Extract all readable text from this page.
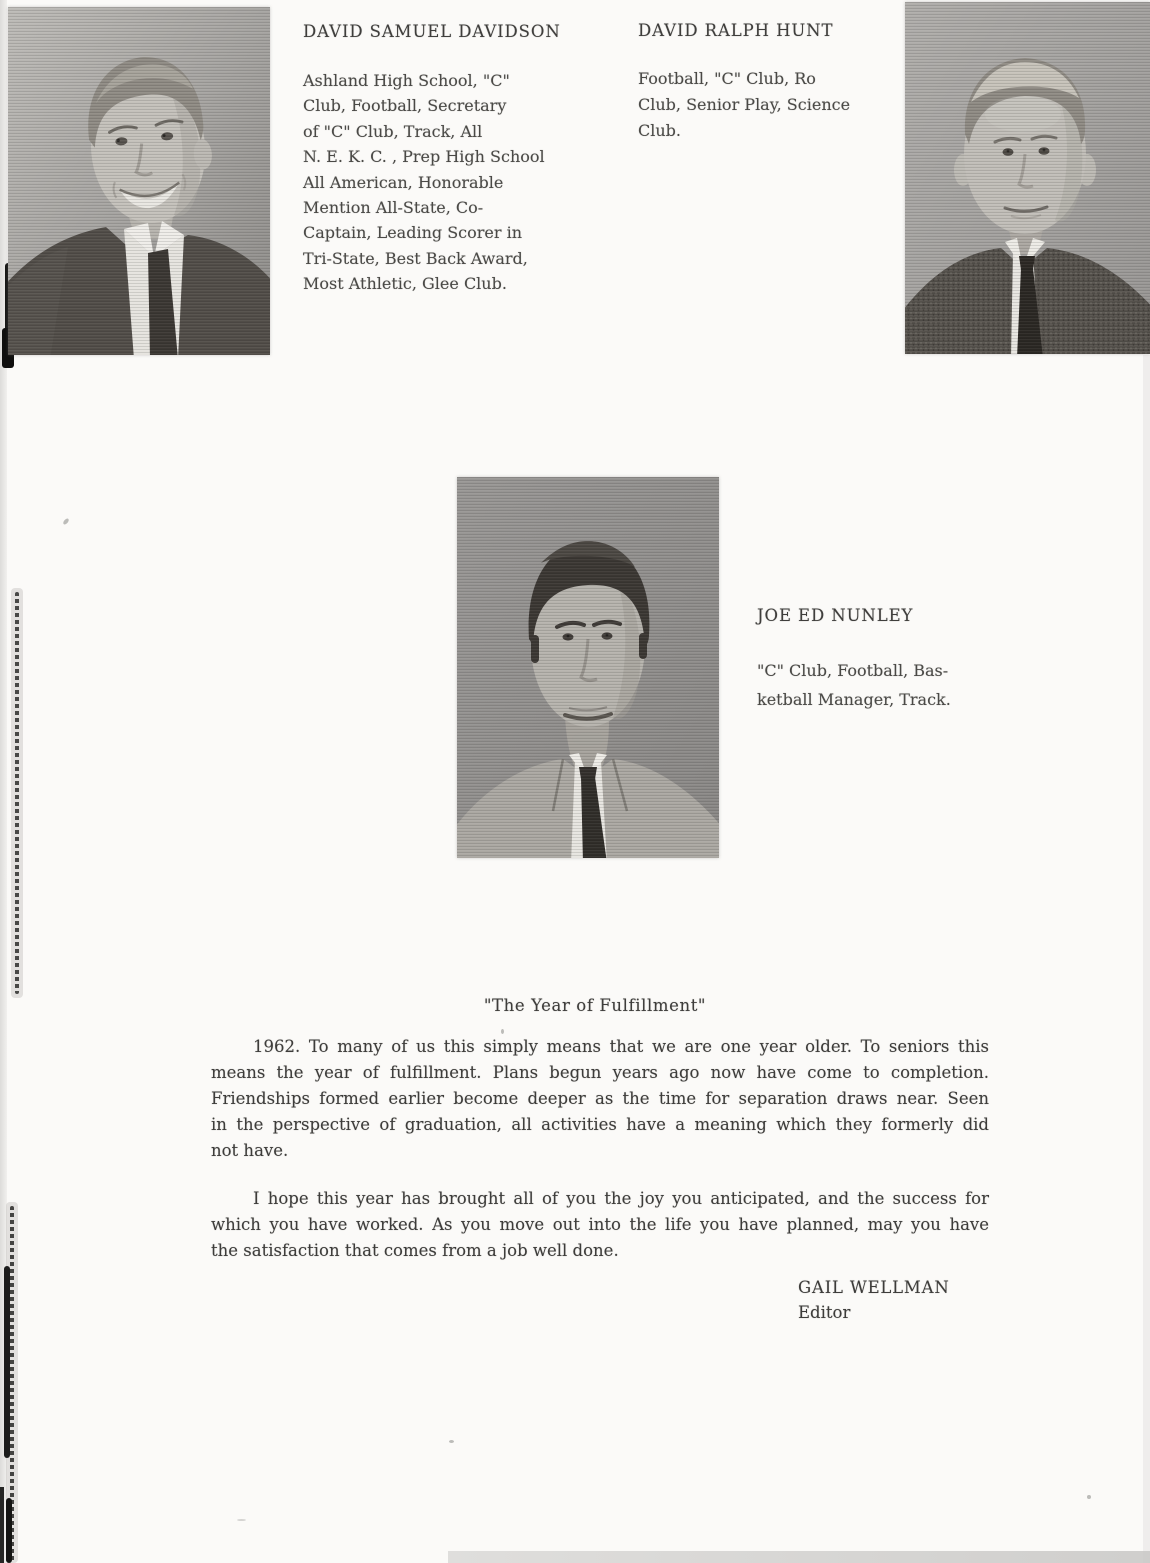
DAVID SAMUEL DAVIDSON
Ashland High School, "C"
Club, Football, Secretary
of "C" Club, Track, All
N. E. K. C. , Prep High School
All American, Honorable
Mention All-State, Co-
Captain, Leading Scorer in
Tri-State, Best Back Award,
Most Athletic, Glee Club.
DAVID RALPH HUNT
Football, "C" Club, Ro
Club, Senior Play, Science
Club.
JOE ED NUNLEY
"C" Club, Football, Bas-
ketball Manager, Track.
"The Year of Fulfillment"
1962. To many of us this simply means that we are one year older. To seniors this
means the year of fulfillment. Plans begun years ago now have come to completion.
Friendships formed earlier become deeper as the time for separation draws near. Seen
in the perspective of graduation, all activities have a meaning which they formerly did
not have.
I hope this year has brought all of you the joy you anticipated, and the success for
which you have worked. As you move out into the life you have planned, may you have
the satisfaction that comes from a job well done.
GAIL WELLMAN
Editor
